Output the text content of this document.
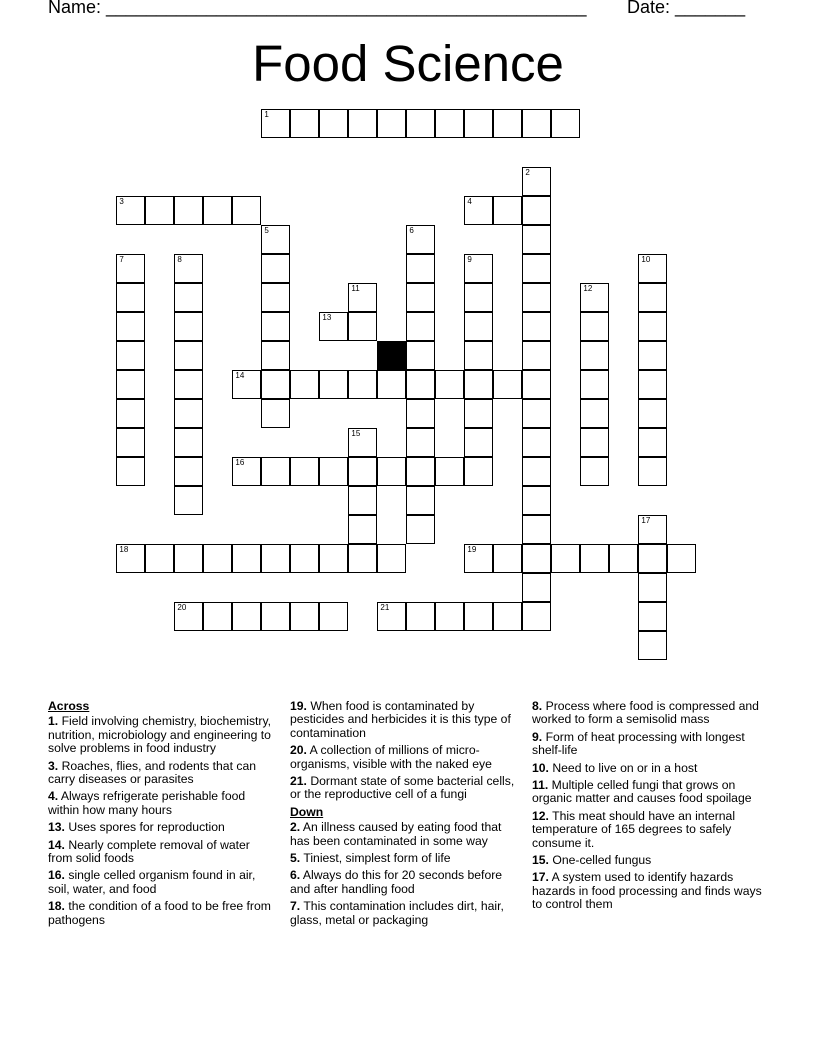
Name: ________________________________________________ Date: _______
Food Science
1
2
3	4
5	6
7	8	9	10
11	12
13
14
15
16
17
18	19
20	21
Across
1. Field involving chemistry, biochemistry, nutrition, microbiology and engineering to solve problems in food industry
3. Roaches, flies, and rodents that can carry diseases or parasites
4. Always refrigerate perishable food within how many hours
13. Uses spores for reproduction
14. Nearly complete removal of water from solid foods
16. single celled organism found in air, soil, water, and food
18. the condition of a food to be free from pathogens
19. When food is contaminated by pesticides and herbicides it is this type of contamination
20. A collection of millions of micro-organisms, visible with the naked eye
21. Dormant state of some bacterial cells, or the reproductive cell of a fungi
Down
2. An illness caused by eating food that has been contaminated in some way
5. Tiniest, simplest form of life
6. Always do this for 20 seconds before and after handling food
7. This contamination includes dirt, hair, glass, metal or packaging
8. Process where food is compressed and worked to form a semisolid mass
9. Form of heat processing with longest shelf-life
10. Need to live on or in a host
11. Multiple celled fungi that grows on organic matter and causes food spoilage
12. This meat should have an internal temperature of 165 degrees to safely consume it.
15. One-celled fungus
17. A system used to identify hazards hazards in food processing and finds ways to control them
